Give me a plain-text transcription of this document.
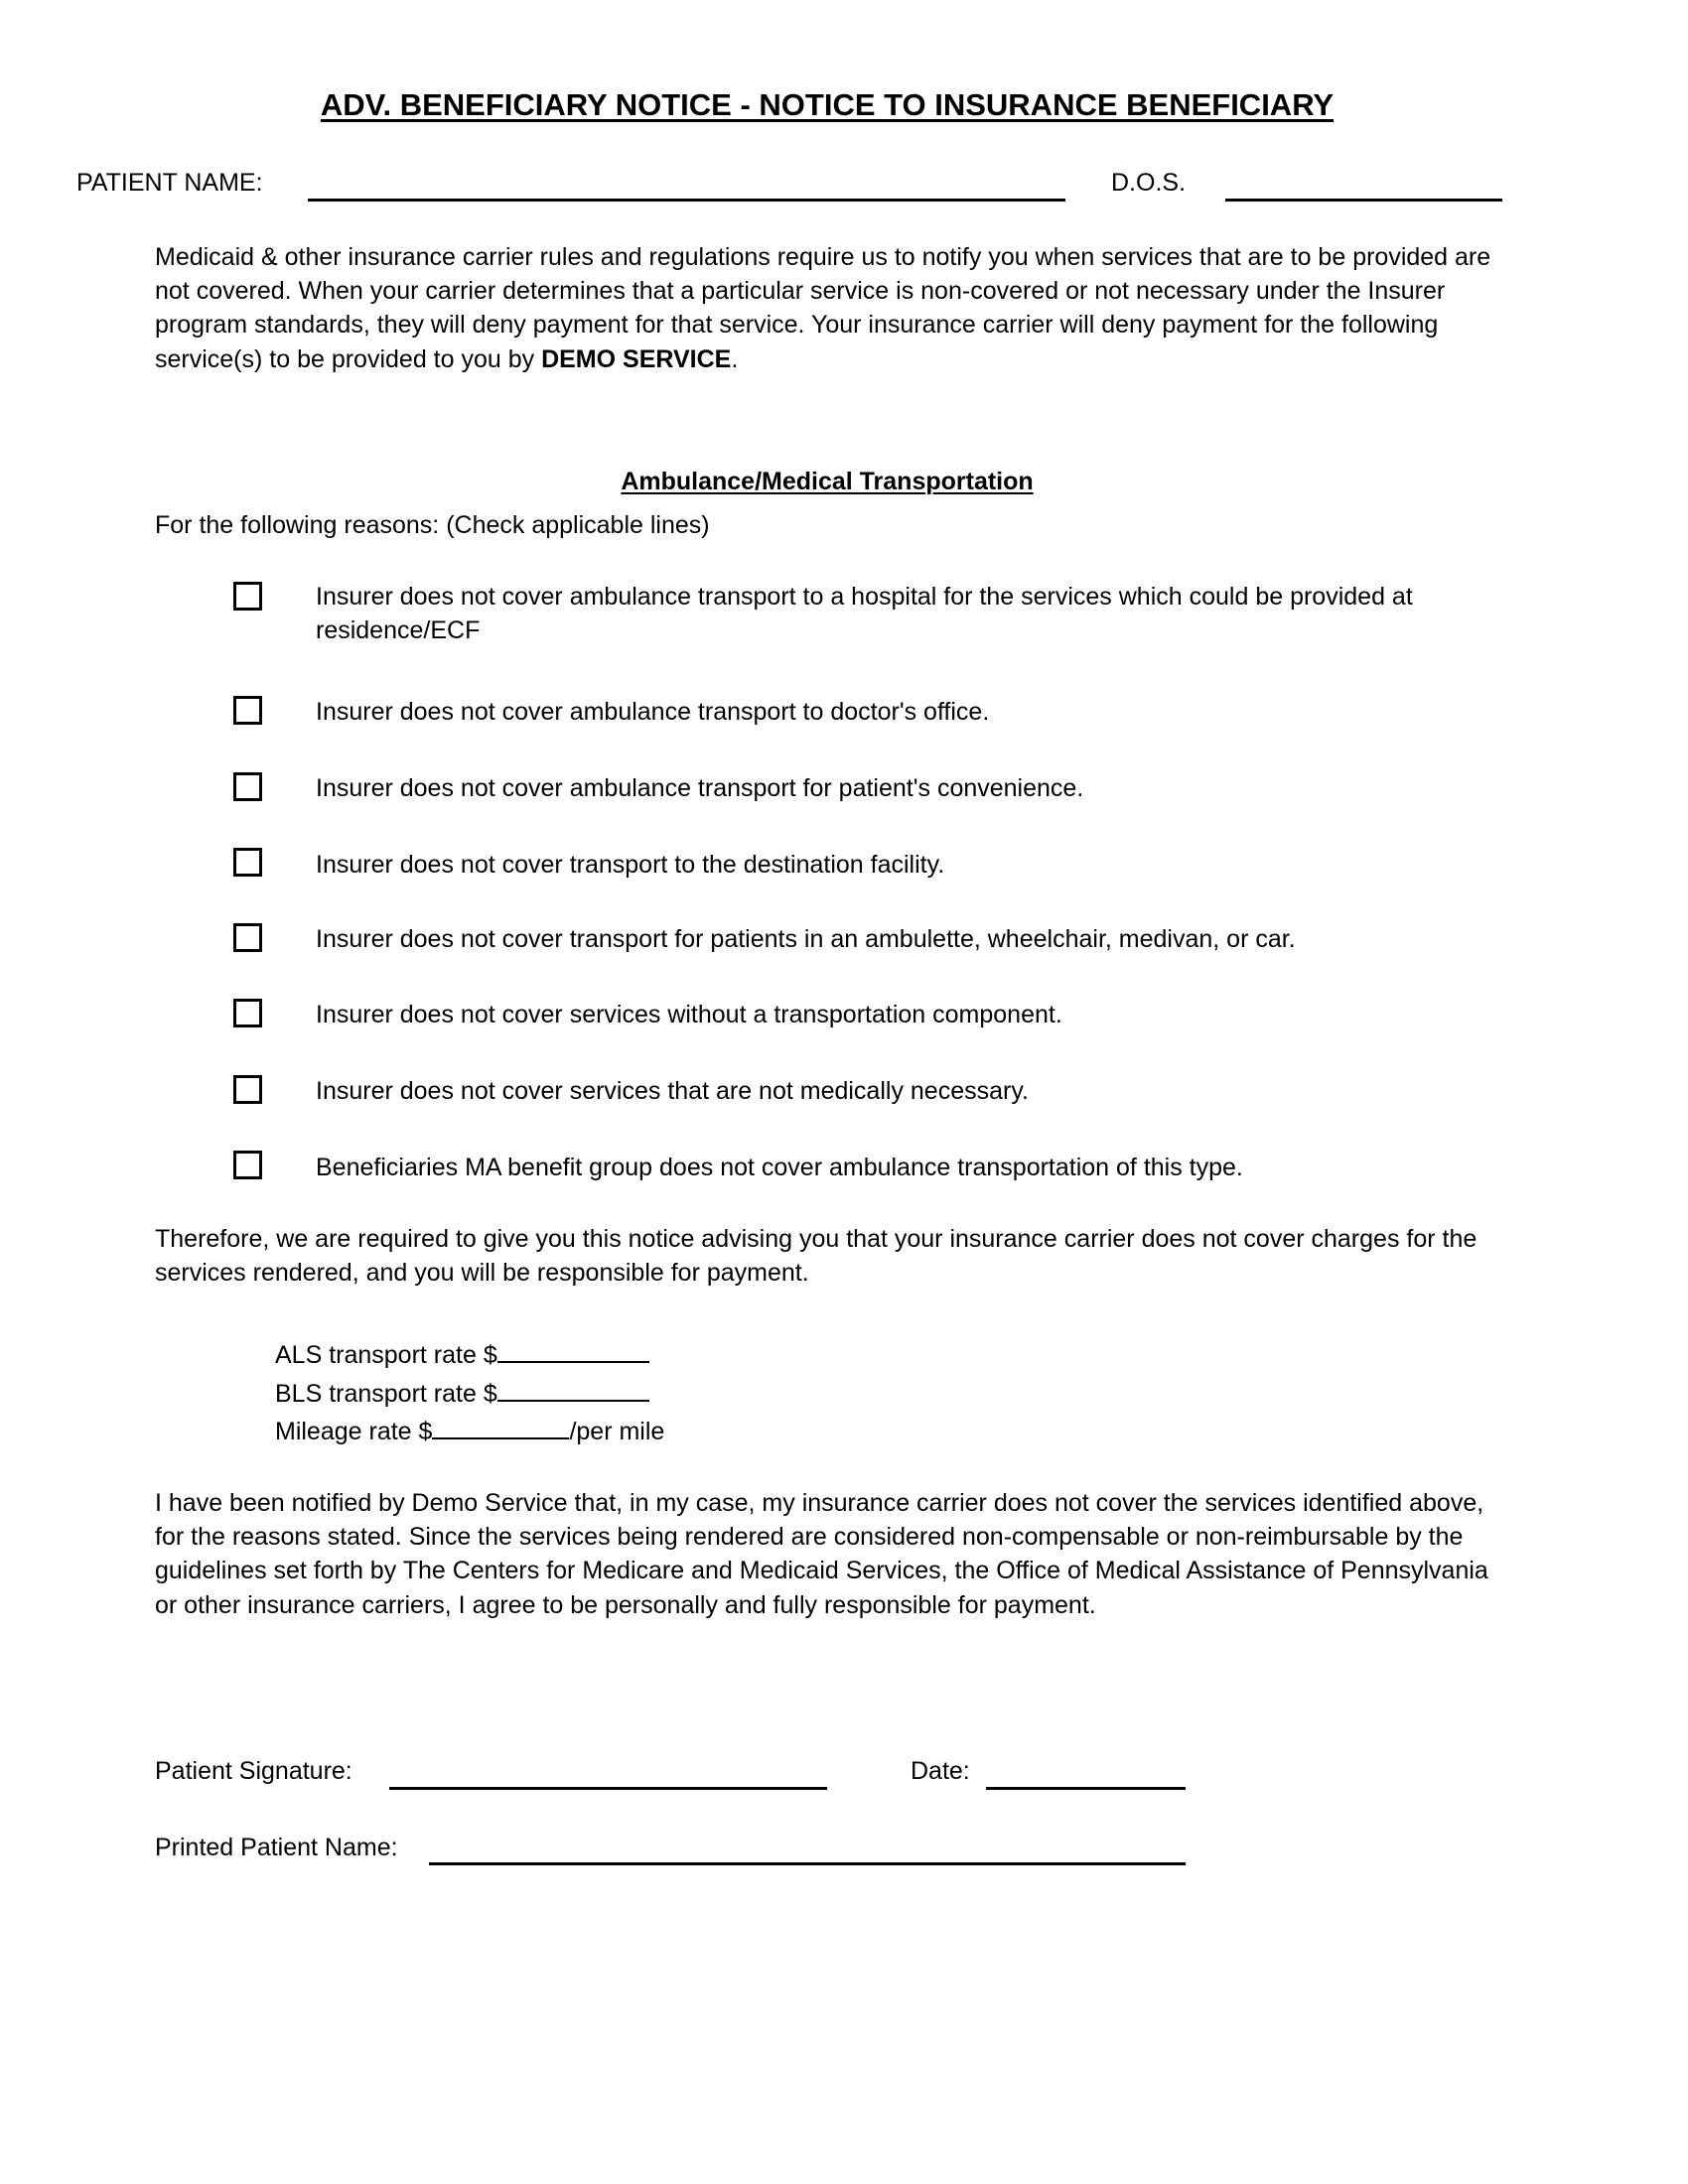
ADV. BENEFICIARY NOTICE - NOTICE TO INSURANCE BENEFICIARY
PATIENT NAME:	D.O.S.
Medicaid & other insurance carrier rules and regulations require us to notify you when services that are to be provided are not covered. When your carrier determines that a particular service is non-covered or not necessary under the Insurer program standards, they will deny payment for that service. Your insurance carrier will deny payment for the following service(s) to be provided to you by DEMO SERVICE.
Ambulance/Medical Transportation
For the following reasons: (Check applicable lines)
Insurer does not cover ambulance transport to a hospital for the services which could be provided at residence/ECF
Insurer does not cover ambulance transport to doctor's office.
Insurer does not cover ambulance transport for patient's convenience.
Insurer does not cover transport to the destination facility.
Insurer does not cover transport for patients in an ambulette, wheelchair, medivan, or car.
Insurer does not cover services without a transportation component.
Insurer does not cover services that are not medically necessary.
Beneficiaries MA benefit group does not cover ambulance transportation of this type.
Therefore, we are required to give you this notice advising you that your insurance carrier does not cover charges for the services rendered, and you will be responsible for payment.
ALS transport rate $
BLS transport rate $
Mileage rate $	/per mile
I have been notified by Demo Service that, in my case, my insurance carrier does not cover the services identified above, for the reasons stated. Since the services being rendered are considered non-compensable or non-reimbursable by the guidelines set forth by The Centers for Medicare and Medicaid Services, the Office of Medical Assistance of Pennsylvania or other insurance carriers, I agree to be personally and fully responsible for payment.
Patient Signature:	Date:
Printed Patient Name:
